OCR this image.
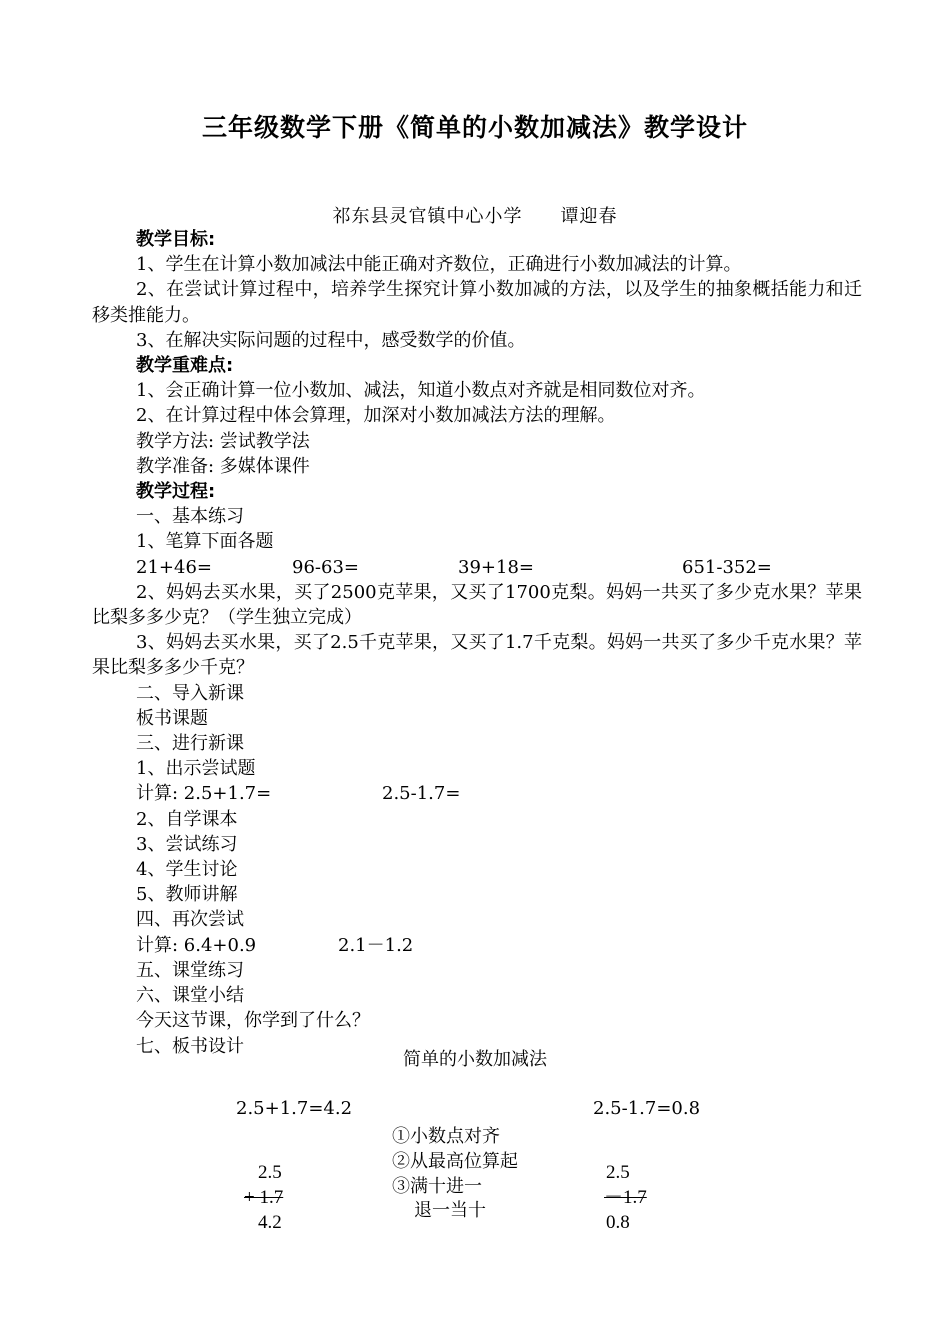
三年级数学下册《简单的小数加减法》教学设计
祁东县灵官镇中心小学 谭迎春

教学目标:

1、学生在计算小数加减法中能正确对齐数位，正确进行小数加减法的计算。

2、在尝试计算过程中，培养学生探究计算小数加减的方法，以及学生的抽象概括能力和迁移类推能力。

3、在解决实际问题的过程中，感受数学的价值。

教学重难点:

1、会正确计算一位小数加、减法，知道小数点对齐就是相同数位对齐。

2、在计算过程中体会算理，加深对小数加减法方法的理解。

教学方法: 尝试教学法

教学准备: 多媒体课件

教学过程:

一、基本练习

1、笔算下面各题

21+46=	96-63=	39+18=	651-352=

2、妈妈去买水果，买了2500克苹果，又买了1700克梨。妈妈一共买了多少克水果？苹果比梨多多少克？（学生独立完成）

3、妈妈去买水果，买了2.5千克苹果，又买了1.7千克梨。妈妈一共买了多少千克水果？苹果比梨多多少千克？

二、导入新课

板书课题

三、进行新课

1、出示尝试题

计算: 2.5+1.7=	2.5-1.7=

2、自学课本

3、尝试练习

4、学生讨论

5、教师讲解

四、再次尝试

计算: 6.4+0.9	2.1－1.2

五、课堂练习

六、课堂小结

今天这节课，你学到了什么？

七、板书设计

简单的小数加减法
2.5+1.7=4.2	2.5-1.7=0.8
①小数点对齐
②从最高位算起
③满十进一
退一当十
2.5
+ 1.7
4.2
2.5
－1.7
0.8
